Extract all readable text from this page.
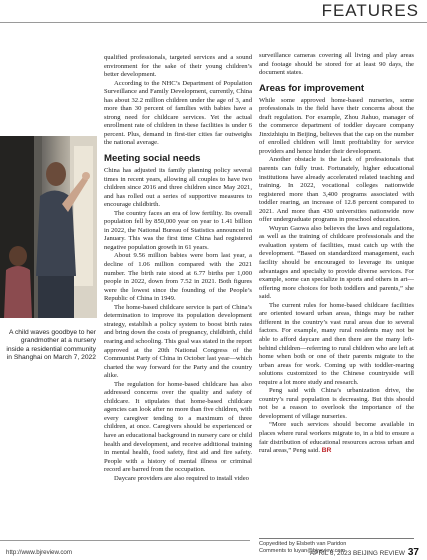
FEATURES
A child waves goodbye to her grandmother at a nursery inside a residential community in Shanghai on March 7, 2022

qualified professionals, targeted services and a sound environment for the sake of their young children’s better development.

According to the NHC’s Department of Population Surveillance and Family Development, currently, China has about 32.2 million children under the age of 3, and more than 30 percent of families with babies have a strong need for childcare services. Yet the actual enrollment rate of children in these facilities is under 6 percent. Plus, demand in first-tier cities far outweighs the national average.

Meeting social needs

China has adjusted its family planning policy several times in recent years, allowing all couples to have two children since 2016 and three children since May 2021, and has rolled out a series of supportive measures to encourage childbirth.

The country faces an era of low fertility. Its overall population fell by 850,000 year on year to 1.41 billion in 2022, the National Bureau of Statistics announced in January. This was the first time China had registered negative population growth in 61 years.

About 9.56 million babies were born last year, a decline of 1.06 million compared with the 2021 number. The birth rate stood at 6.77 births per 1,000 people in 2022, down from 7.52 in 2021. Both figures were the lowest since the founding of the People’s Republic of China in 1949.

The home-based childcare service is part of China’s determination to improve its population development strategy, establish a policy system to boost birth rates and bring down the costs of pregnancy, childbirth, child rearing and schooling. This goal was stated in the report approved at the 20th National Congress of the Communist Party of China in October last year—which charted the way forward for the Party and the country alike.

The regulation for home-based childcare has also addressed concerns over the quality and safety of childcare. It stipulates that home-based childcare agencies can look after no more than five children, with every caregiver tending to a maximum of three children, at once. Caregivers should be experienced or have an educational background in nursery care or child health and development, and receive additional training in mental health, food safety, first aid and fire safety. People with a history of mental illness or criminal record are barred from the occupation.

Daycare providers are also required to install video

surveillance cameras covering all living and play areas and footage should be stored for at least 90 days, the document states.

Areas for improvement

While some approved home-based nurseries, some professionals in the field have their concerns about the draft regulation. For example, Zhou Jiahuo, manager of the commerce department of toddler daycare company Jinxizhiqiu in Beijing, believes that the cap on the number of enrolled children will limit profitability for service providers and hence hinder their development.

Another obstacle is the lack of professionals that parents can fully trust. Fortunately, higher educational institutions have already accelerated related teaching and training. In 2022, vocational colleges nationwide registered more than 3,400 programs associated with toddler rearing, an increase of 12.8 percent compared to 2021. And more than 430 universities nationwide now offer undergraduate programs in preschool education.

Wuyun Gaowa also believes the laws and regulations, as well as the training of childcare professionals and the evaluation system of facilities, must catch up with the development. “Based on standardized management, each facility should be encouraged to leverage its unique advantages and specialty to provide diverse services. For example, some can specialize in sports and others in art—offering more choices for both toddlers and parents,” she said.

The current rules for home-based childcare facilities are oriented toward urban areas, things may be rather different in the country’s vast rural areas due to several factors. For example, many rural residents may not be able to afford daycare and then there are the many left-behind children—referring to rural children who are left at home when both or one of their parents migrate to the urban areas for work. Coming up with toddler-rearing solutions customized to the Chinese countryside will require a lot more study and research.

Peng said with China’s urbanization drive, the country’s rural population is decreasing. But this should not be a reason to overlook the importance of the development of village nurseries.

“More such services should become available in places where rural workers migrate to, in a bid to ensure a fair distribution of educational resources across urban and rural areas,” Peng said. BR

Copyedited by Elsbeth van Paridon
Comments to luyan@bjreview.com
http://www.bjreview.com	APRIL 6, 2023 BEIJING REVIEW 37
